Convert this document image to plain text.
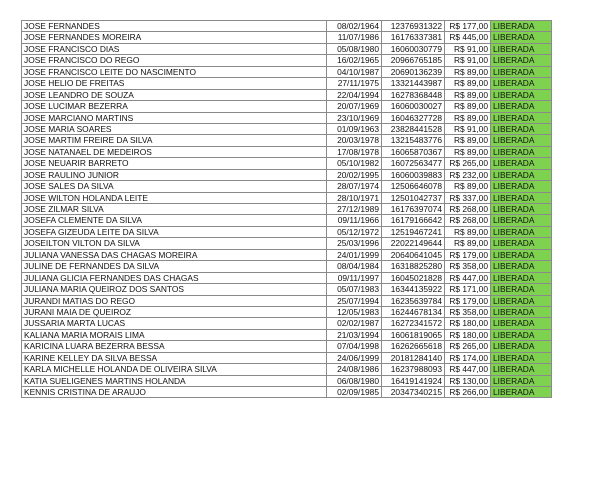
JOSE FERNANDES	08/02/1964	12376931322	R$ 177,00	LIBERADA
JOSE FERNANDES MOREIRA	11/07/1986	16176337381	R$ 445,00	LIBERADA
JOSE FRANCISCO DIAS	05/08/1980	16060030779	R$ 91,00	LIBERADA
JOSE FRANCISCO DO REGO	16/02/1965	20966765185	R$ 91,00	LIBERADA
JOSE FRANCISCO LEITE DO NASCIMENTO	04/10/1987	20690136239	R$ 89,00	LIBERADA
JOSE HELIO DE FREITAS	27/11/1975	13321443987	R$ 89,00	LIBERADA
JOSE LEANDRO DE SOUZA	22/04/1994	16278368448	R$ 89,00	LIBERADA
JOSE LUCIMAR BEZERRA	20/07/1969	16060030027	R$ 89,00	LIBERADA
JOSE MARCIANO MARTINS	23/10/1969	16046327728	R$ 89,00	LIBERADA
JOSE MARIA SOARES	01/09/1963	23828441528	R$ 91,00	LIBERADA
JOSE MARTIM FREIRE DA SILVA	20/03/1978	13215483776	R$ 89,00	LIBERADA
JOSE NATANAEL DE MEDEIROS	17/08/1978	16065870367	R$ 89,00	LIBERADA
JOSE NEUARIR BARRETO	05/10/1982	16072563477	R$ 265,00	LIBERADA
JOSE RAULINO JUNIOR	20/02/1995	16060039883	R$ 232,00	LIBERADA
JOSE SALES DA SILVA	28/07/1974	12506646078	R$ 89,00	LIBERADA
JOSE WILTON HOLANDA LEITE	28/10/1971	12501042737	R$ 337,00	LIBERADA
JOSE ZILMAR SILVA	27/12/1989	16176397074	R$ 268,00	LIBERADA
JOSEFA CLEMENTE DA SILVA	09/11/1966	16179166642	R$ 268,00	LIBERADA
JOSEFA GIZEUDA LEITE DA SILVA	05/12/1972	12519467241	R$ 89,00	LIBERADA
JOSEILTON VILTON DA SILVA	25/03/1996	22022149644	R$ 89,00	LIBERADA
JULIANA VANESSA DAS CHAGAS MOREIRA	24/01/1999	20640641045	R$ 179,00	LIBERADA
JULINE DE FERNANDES DA SILVA	08/04/1984	16318825280	R$ 358,00	LIBERADA
JULIANA GLICIA FERNANDES DAS CHAGAS	09/11/1997	16045021828	R$ 447,00	LIBERADA
JULIANA MARIA QUEIROZ DOS SANTOS	05/07/1983	16344135922	R$ 171,00	LIBERADA
JURANDI MATIAS DO REGO	25/07/1994	16235639784	R$ 179,00	LIBERADA
JURANI MAIA DE QUEIROZ	12/05/1983	16244678134	R$ 358,00	LIBERADA
JUSSARIA MARTA LUCAS	02/02/1987	16272341572	R$ 180,00	LIBERADA
KALIANA MARIA MORAIS LIMA	21/03/1994	16061819065	R$ 180,00	LIBERADA
KARICINA LUARA BEZERRA BESSA	07/04/1998	16262665618	R$ 265,00	LIBERADA
KARINE KELLEY DA SILVA BESSA	24/06/1999	20181284140	R$ 174,00	LIBERADA
KARLA MICHELLE HOLANDA DE OLIVEIRA SILVA	24/08/1986	16237988093	R$ 447,00	LIBERADA
KATIA SUELIGENES MARTINS HOLANDA	06/08/1980	16419141924	R$ 130,00	LIBERADA
KENNIS CRISTINA DE ARAUJO	02/09/1985	20347340215	R$ 266,00	LIBERADA
